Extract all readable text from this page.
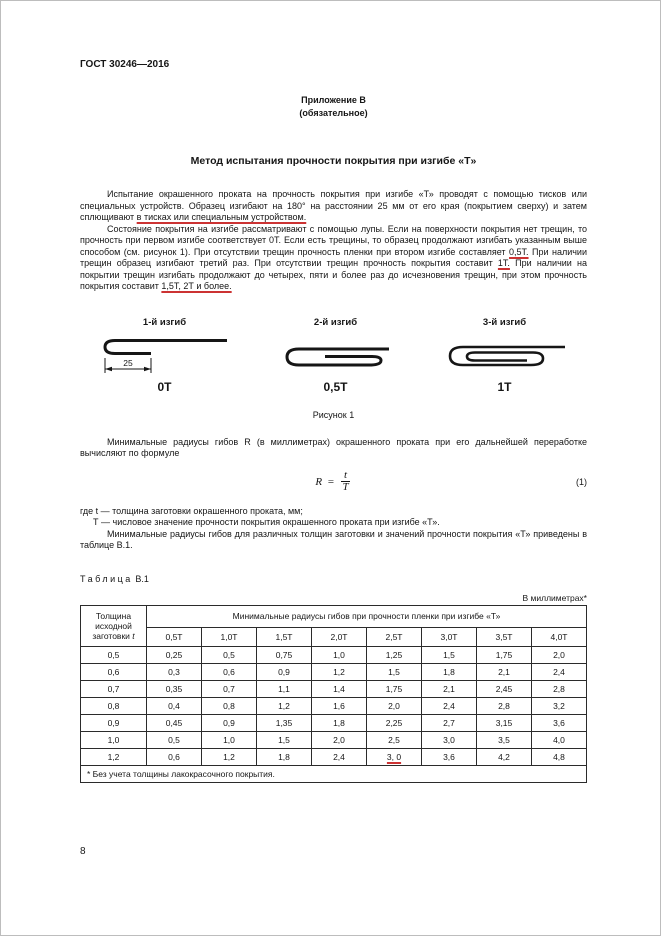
ГОСТ 30246—2016
Приложение В
(обязательное)
Метод испытания прочности покрытия при изгибе «Т»

Испытание окрашенного проката на прочность покрытия при изгибе «Т» проводят с помощью тисков или специальных устройств. Образец изгибают на 180° на расстоянии 25 мм от его края (покрытием сверху) и затем сплющивают в тисках или специальным устройством.

Состояние покрытия на изгибе рассматривают с помощью лупы. Если на поверхности покрытия нет трещин, то прочность при первом изгибе соответствует 0Т. Если есть трещины, то образец продолжают изгибать указанным выше способом (см. рисунок 1). При отсутствии трещин прочность пленки при втором изгибе составляет 0,5Т. При наличии трещин образец изгибают третий раз. При отсутствии трещин прочность покрытия составит 1Т. При наличии на покрытии трещин изгибать продолжают до четырех, пяти и более раз до исчезновения трещин, при этом прочность покрытия составит 1,5Т, 2Т и более.

1-й изгиб
25
0Т
2-й изгиб
0,5Т
3-й изгиб
1Т
Рисунок 1

Минимальные радиусы гибов R (в миллиметрах) окрашенного проката при его дальнейшей переработке вычисляют по формуле

$R = \frac{t}{T}$	(1)

где t — толщина заготовки окрашенного проката, мм;

Т — числовое значение прочности покрытия окрашенного проката при изгибе «Т».

Минимальные радиусы гибов для различных толщин заготовки и значений прочности покрытия «Т» приведены в таблице В.1.

Таблица В.1
В миллиметрах*
Толщина исходной заготовки t	Минимальные радиусы гибов при прочности пленки при изгибе «Т»							
	0,5Т	1,0Т	1,5Т	2,0Т	2,5Т	3,0Т	3,5Т	4,0Т
0,5	0,25	0,5	0,75	1,0	1,25	1,5	1,75	2,0
0,6	0,3	0,6	0,9	1,2	1,5	1,8	2,1	2,4
0,7	0,35	0,7	1,1	1,4	1,75	2,1	2,45	2,8
0,8	0,4	0,8	1,2	1,6	2,0	2,4	2,8	3,2
0,9	0,45	0,9	1,35	1,8	2,25	2,7	3,15	3,6
1,0	0,5	1,0	1,5	2,0	2,5	3,0	3,5	4,0
1,2	0,6	1,2	1,8	2,4	3, 0	3,6	4,2	4,8
* Без учета толщины лакокрасочного покрытия.								
8
